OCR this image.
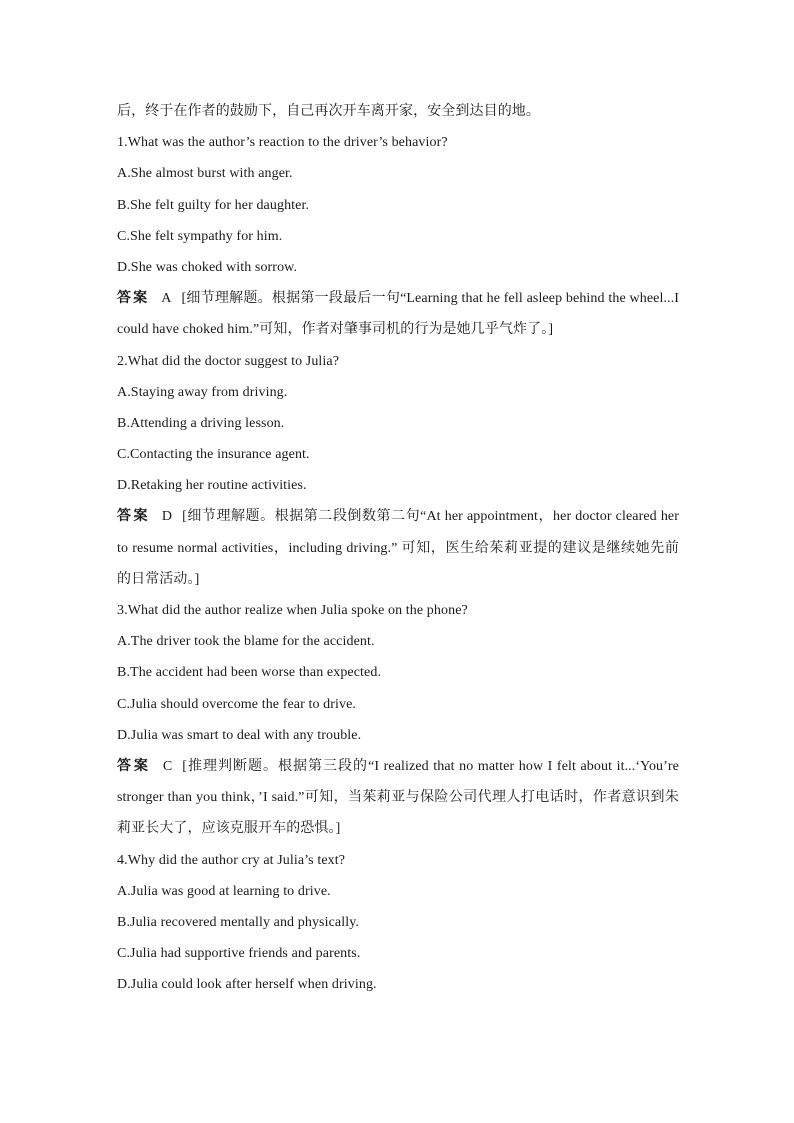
后，终于在作者的鼓励下，自己再次开车离开家，安全到达目的地。
1.What was the author’s reaction to the driver’s behavior?
A.She almost burst with anger.
B.She felt guilty for her daughter.
C.She felt sympathy for him.
D.She was choked with sorrow.
答案 A [细节理解题。根据第一段最后一句“Learning that he fell asleep behind the wheel...I could have choked him.”可知，作者对肇事司机的行为是她几乎气炸了。]
2.What did the doctor suggest to Julia?
A.Staying away from driving.
B.Attending a driving lesson.
C.Contacting the insurance agent.
D.Retaking her routine activities.
答案 D [细节理解题。根据第二段倒数第二句“At her appointment，her doctor cleared her to resume normal activities，including driving.” 可知，医生给茱莉亚提的建议是继续她先前的日常活动。]
3.What did the author realize when Julia spoke on the phone?
A.The driver took the blame for the accident.
B.The accident had been worse than expected.
C.Julia should overcome the fear to drive.
D.Julia was smart to deal with any trouble.
答案 C [推理判断题。根据第三段的“I realized that no matter how I felt about it...‘You’re stronger than you think，’I said.”可知，当茱莉亚与保险公司代理人打电话时，作者意识到朱莉亚长大了，应该克服开车的恐惧。]
4.Why did the author cry at Julia’s text?
A.Julia was good at learning to drive.
B.Julia recovered mentally and physically.
C.Julia had supportive friends and parents.
D.Julia could look after herself when driving.
